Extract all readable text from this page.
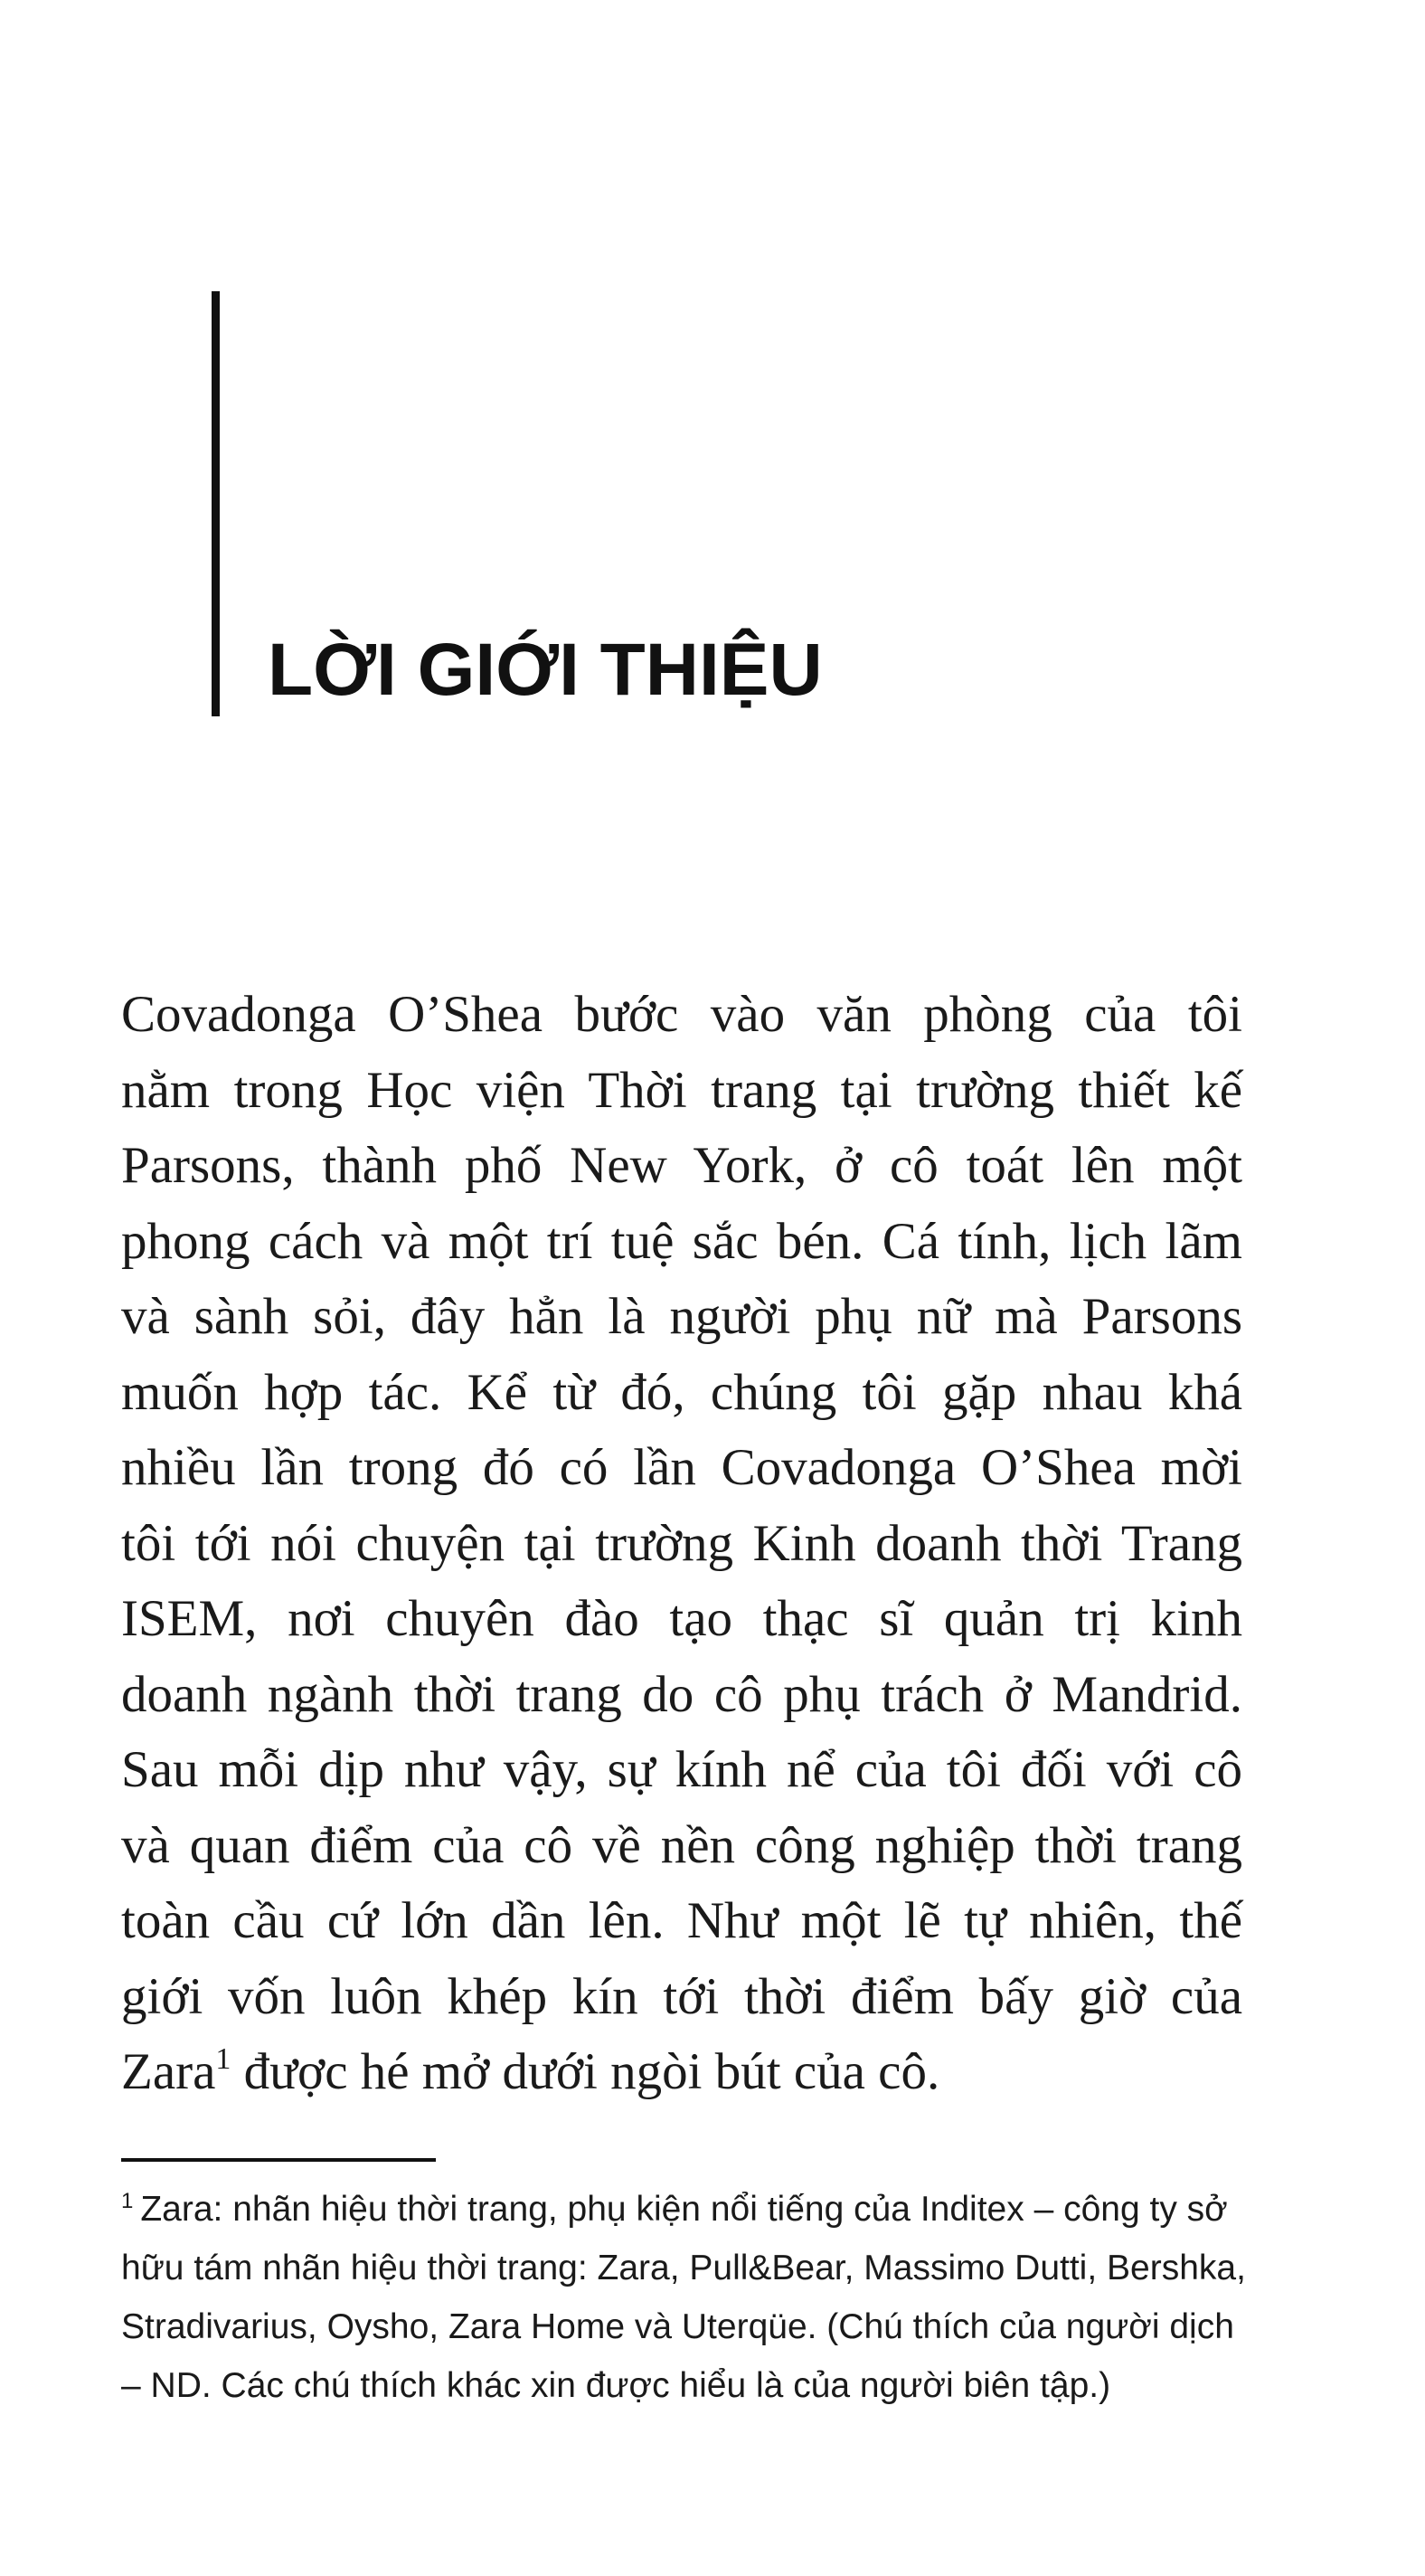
LỜI GIỚI THIỆU
Covadonga O’Shea bước vào văn phòng của tôi
nằm trong Học viện Thời trang tại trường thiết kế
Parsons, thành phố New York, ở cô toát lên một
phong cách và một trí tuệ sắc bén. Cá tính, lịch lãm
và sành sỏi, đây hẳn là người phụ nữ mà Parsons
muốn hợp tác. Kể từ đó, chúng tôi gặp nhau khá
nhiều lần trong đó có lần Covadonga O’Shea mời
tôi tới nói chuyện tại trường Kinh doanh thời Trang
ISEM, nơi chuyên đào tạo thạc sĩ quản trị kinh
doanh ngành thời trang do cô phụ trách ở Mandrid.
Sau mỗi dịp như vậy, sự kính nể của tôi đối với cô
và quan điểm của cô về nền công nghiệp thời trang
toàn cầu cứ lớn dần lên. Như một lẽ tự nhiên, thế
giới vốn luôn khép kín tới thời điểm bấy giờ của
Zara$^1$ được hé mở dưới ngòi bút của cô.
$^1$ Zara: nhãn hiệu thời trang, phụ kiện nổi tiếng của Inditex – công ty sở
hữu tám nhãn hiệu thời trang: Zara, Pull&Bear, Massimo Dutti, Bershka,
Stradivarius, Oysho, Zara Home và Uterqüe. (Chú thích của người dịch
– ND. Các chú thích khác xin được hiểu là của người biên tập.)
